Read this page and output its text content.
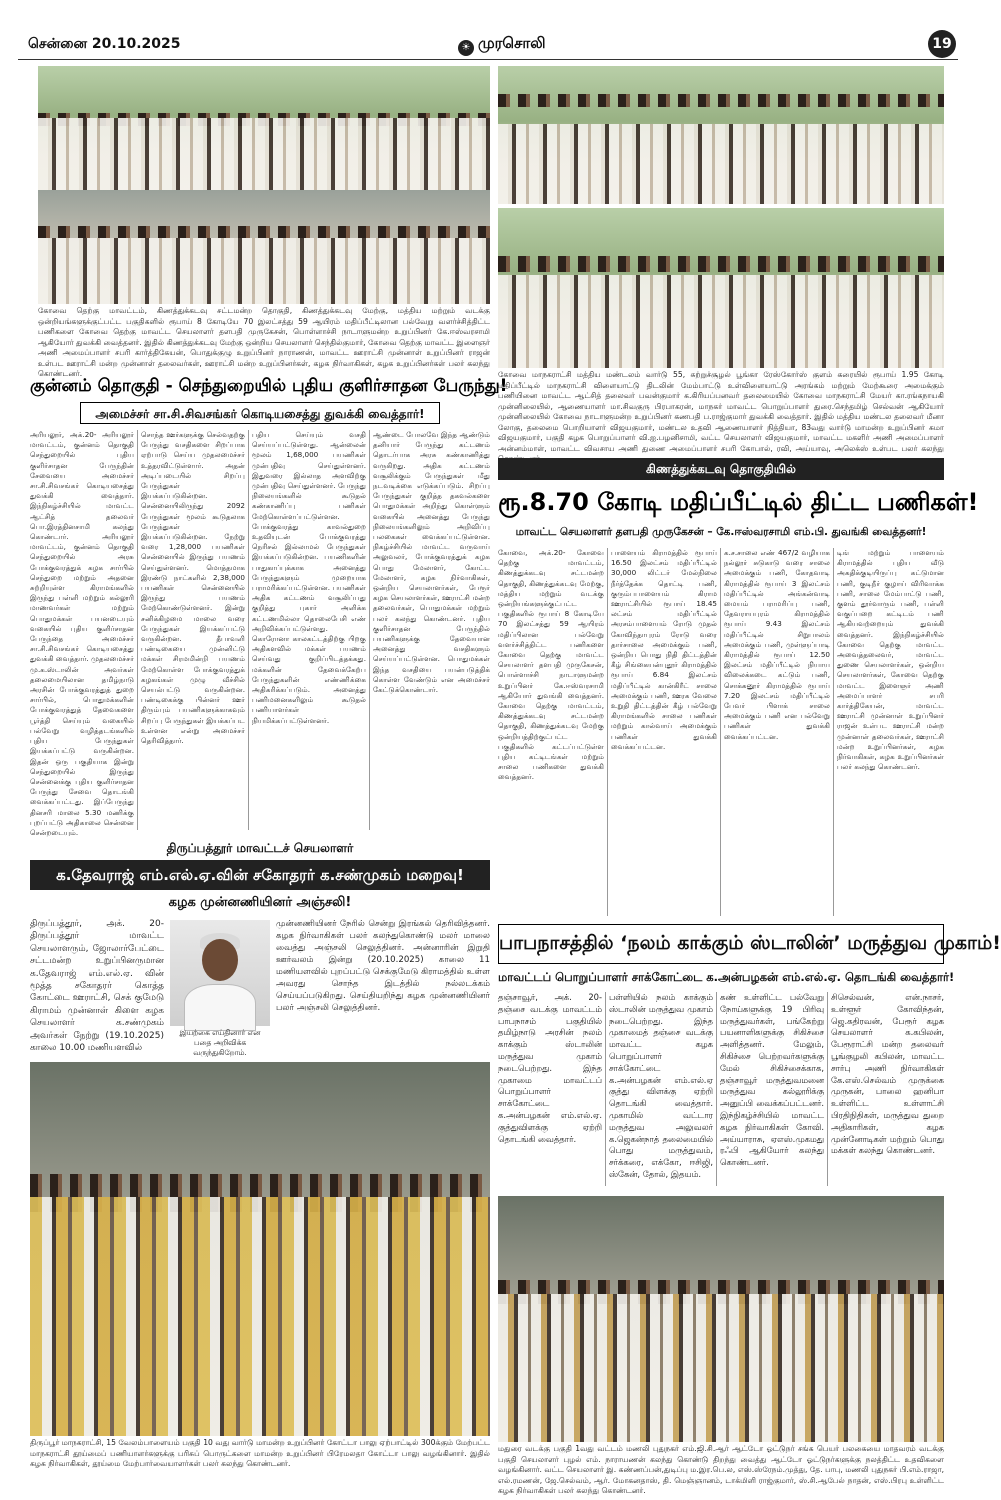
சென்னை 20.10.2025	☀ முரசொலி	19
கோவை தெற்கு மாவட்டம், கிணத்துக்கடவு சட்டமன்ற தொகுதி, கிணத்துக்கடவு மேற்கு, மத்திய மற்றும் வடக்கு ஒன்றியங்களுக்குட்பட்ட பகுதிகளில் ரூபாய் 8 கோடியே 70 இலட்சத்து 59 ஆயிரம் மதிப்பீட்டிலான பல்வேறு வளர்ச்சித்திட்ட பணிகளை கோவை தெற்கு மாவட்ட செயலாளர் தளபதி முருகேசன், பொள்ளாச்சி நாடாளுமன்ற உறுப்பினர் கே.ஈஸ்வரசாமி ஆகியோர் துவக்கி வைத்தனர். இதில் கிணத்துக்கடவு மேற்கு ஒன்றிய செயலாளர் செந்தில்குமார், கோவை தெற்கு மாவட்ட இளைஞர் அணி அமைப்பாளர் சபரி கார்த்திகேயன், பொதுக்குழு உறுப்பினர் நாராணன், மாவட்ட ஊராட்சி முன்னாள் உறுப்பினர் ராஜன் உள்பட ஊராட்சி மன்ற முன்னாள் தலைவர்கள், ஊராட்சி மன்ற உறுப்பினர்கள், கழக நிர்வாகிகள், கழக உறுப்பினர்கள் பலர் கலந்து கொண்டனர்.	கோவை மாநகராட்சி மத்திய மண்டலம் வார்டு 55, சுற்றுச்சூழல் பூங்கா ரேஸ்கோர்ஸ் குளம் கரையில் ரூபாய் 1.95 கோடி மதிப்பீட்டில் மாநகராட்சி விளையாட்டு திடலின் மேம்பாட்டு உள்விளையாட்டு அரங்கம் மற்றும் மேற்கூரை அமைக்கும் பணியினை மாவட்ட ஆட்சித் தலைவர் பவன்குமார் க.கிரியப்பனவர் தலைமையில் கோவை மாநகராட்சி மேயர் கா.ரங்கநாயகி முன்னிலையில், ஆணையாளர் மா.சிவகுரு பிரபாகரன், மாநகர் மாவட்ட பொறுப்பாளர் துரை.செந்தமிழ் செல்வன் ஆகியோர் முன்னிலையில் கோவை நாடாளுமன்ற உறுப்பினர் கணபதி ப.ராஜ்குமார் துவக்கி வைத்தார். இதில் மத்திய மண்டல தலைவர் மீனா லோகு, தலைமை பொறியாளர் விஜயகுமார், மண்டல உதவி ஆணையாளர் நித்தியா, 83வது வார்டு மாமன்ற உறுப்பினர் சுமா விஜயகுமார், பகுதி கழக பொறுப்பாளர் வி.ஐ.பழனிசாமி, வட்ட செயலாளர் விஜயகுமார், மாவட்ட மகளிர் அணி அமைப்பாளர் அன்னம்மாள், மாவட்ட விவசாய அணி துணை அமைப்பாளர் சபரி கோபால், ரவி, அய்யாவு, அலெக்ஸ் உள்பட பலர் கலந்து
குன்னம் தொகுதி - செந்துறையில் புதிய குளிர்சாதன பேருந்து!
அமைச்சர் சா.சி.சிவசங்கர் கொடியசைத்து துவக்கி வைத்தார்!
அரியலூர், அக்.20- அரியலூர் மாவட்டம், குன்னம் தொகுதி செந்துறையில் புதிய குளிர்சாதன பேருந்தின் சேவையை அமைச்சர் சா.சி.சிவசங்கர் கொடியசைத்து துவக்கி வைத்தார். இந்நிகழ்ச்சியில் மாவட்ட ஆட்சித் தலைவர் பொ.இரத்தினசாமி கலந்து கொண்டார். அரியலூர் மாவட்டம், குன்னம் தொகுதி செந்துறையில் அரசு போக்குவரத்துக் கழக சார்பில் செந்துறை மற்றும் அதனை சுற்றியுள்ள கிராமங்களில் இருந்து பள்ளி மற்றும் கல்லூரி மாணவர்கள் மற்றும் பொதுமக்கள் பயனடையும் வகையில் புதிய குளிர்சாதன பேருந்தை அமைச்சர் சா.சி.சிவசங்கர் கொடியசைத்து துவக்கி வைத்தார். முதலமைச்சர் மு.க.ஸ்டாலின் அவர்கள் தலைமையிலான தமிழ்நாடு அரசின் போக்குவரத்துத் துறை சார்பில், பொதுமக்களின் போக்குவரத்துத் தேவைகளை பூர்த்தி செய்யும் வகையில் பல்வேறு வழித்தடங்களில் புதிய பேருந்துகள் இயக்கப்பட்டு வருகின்றன. இதன் ஒரு பகுதியாக இன்று செந்துறையில் இருந்து சென்னைக்கு புதிய குளிர்சாதன பேருந்து சேவை தொடங்கி வைக்கப்பட்டது. இப்பேருந்து தினசரி மாலை 5.30 மணிக்கு புறப்பட்டு அதிகாலை சென்னை சென்றடையும்.
சொந்த ஊர்களுக்கு செல்வதற்கு பேருந்து வசதிகளை சிறப்பாக ஏற்பாடு செய்ய முதலமைச்சர் உத்தரவிட்டுள்ளார். அதன் அடிப்படையில் சிறப்பு பேருந்துகள் இயக்கப்படுகின்றன. சென்னையிலிருந்து 2092 பேருந்துகள் மூலம் கூடுதலாக பேருந்துகள் இயக்கப்படுகின்றன. நேற்று வரை 1,28,000 பயணிகள் சென்னையில் இருந்து பயணம் செய்துள்ளனர். மொத்தமாக இரண்டு நாட்களில் 2,38,000 பயணிகள் சென்னையில் இருந்து பயணம் மேற்கொண்டுள்ளனர். இன்று சனிக்கிழமை மாலை வரை பேருந்துகள் இயக்கப்பட்டு வருகின்றன. தீபாவளி பண்டிகையை முன்னிட்டு மக்கள் சிரமமின்றி பயணம் மேற்கொள்ள போக்குவரத்துக் கழகங்கள் முழு வீச்சில் செயல்பட்டு வருகின்றன. பண்டிகைக்கு பின்னர் ஊர் திரும்பும் பயணிகளுக்காகவும் சிறப்பு பேருந்துகள் இயக்கப்பட உள்ளன என்று அமைச்சர் தெரிவித்தார்.
பதிய செய்யும் வசதி செய்யப்பட்டுள்ளது. ஆன்லைன் மூலம் 1,68,000 பயணிகள் முன்பதிவு செய்துள்ளனர். இதுவரை இல்லாத அளவிற்கு முன்பதிவு செய்துள்ளனர். பேருந்து நிலையங்களில் கூடுதல் கண்காணிப்பு பணிகள் மேற்கொள்ளப்பட்டுள்ளன. போக்குவரத்து காவல்துறை உதவியுடன் போக்குவரத்து நெரிசல் இல்லாமல் பேருந்துகள் இயக்கப்படுகின்றன. பயணிகளின் பாதுகாப்புக்காக அனைத்து பேருந்துகளும் முறையாக பராமரிக்கப்பட்டுள்ளன. பயணிகள் அதிக கட்டணம் வசூலிப்பது குறித்து புகார் அளிக்க கட்டணமில்லா தொலைபேசி எண் அறிவிக்கப்பட்டுள்ளது. கொரோனா காலகட்டத்திற்கு பிறகு அதிகளவில் மக்கள் பயணம் செய்வது குறிப்பிடத்தக்கது. மக்களின் தேவைக்கேற்ப பேருந்துகளின் எண்ணிக்கை அதிகரிக்கப்படும். அனைத்து பணிமனைகளிலும் கூடுதல் பணியாளர்கள் நியமிக்கப்பட்டுள்ளனர்.
ஆண்டை போலவே இந்த ஆண்டும் தனியார் பேருந்து கட்டணம் தொடர்பாக அரசு கண்காணித்து வருகிறது. அதிக கட்டணம் வசூலிக்கும் பேருந்துகள் மீது நடவடிக்கை எடுக்கப்படும். சிறப்பு பேருந்துகள் குறித்த தகவல்களை பொதுமக்கள் அறிந்து கொள்ளும் வகையில் அனைத்து பேருந்து நிலையங்களிலும் அறிவிப்பு பலகைகள் வைக்கப்பட்டுள்ளன. நிகழ்ச்சியில் மாவட்ட வருவாய் அலுவலர், போக்குவரத்துக் கழக பொது மேலாளர், கோட்ட மேலாளர், கழக நிர்வாகிகள், ஒன்றிய செயலாளர்கள், பேரூர் கழக செயலாளர்கள், ஊராட்சி மன்ற தலைவர்கள், பொதுமக்கள் மற்றும் பலர் கலந்து கொண்டனர். புதிய குளிர்சாதன பேருந்தில் பயணிகளுக்கு தேவையான அனைத்து வசதிகளும் செய்யப்பட்டுள்ளன. பொதுமக்கள் இந்த வசதியை பயன்படுத்திக் கொள்ள வேண்டும் என அமைச்சர் கேட்டுக்கொண்டார்.
கிணத்துக்கடவு தொகுதியில்
ரூ.8.70 கோடி மதிப்பீட்டில் திட்ட பணிகள்!
மாவட்ட செயலாளர் தளபதி முருகேசன் – கே.ஈஸ்வரசாமி எம்.பி. துவங்கி வைத்தனர்!
கோவை, அக்.20- கோவை தெற்கு மாவட்டம், கிணத்துக்கடவு சட்டமன்ற தொகுதி, கிணத்துக்கடவு மேற்கு, மத்திய மற்றும் வடக்கு ஒன்றியங்களுக்குட்பட்ட பகுதிகளில் ரூபாய் 8 கோடியே 70 இலட்சத்து 59 ஆயிரம் மதிப்பிலான பல்வேறு வளர்ச்சித்திட்ட பணிகளை கோவை தெற்கு மாவட்ட செயலாளர் தளபதி முருகேசன், பொள்ளாச்சி நாடாளுமன்ற உறுப்பினர் கே.ஈஸ்வரசாமி ஆகியோர் துவங்கி வைத்தனர். கோவை தெற்கு மாவட்டம், கிணத்துக்கடவு சட்டமன்ற தொகுதி, கிணத்துக்கடவு மேற்கு ஒன்றியத்திற்குட்பட்ட பகுதிகளில் கட்டப்பட்டுள்ள புதிய கட்டிடங்கள் மற்றும் சாலை பணிகளை துவக்கி வைத்தனர்.
பாளையம் கிராமத்தில் ரூபாய் 16.50 இலட்சம் மதிப்பீட்டில் 30,000 லிட்டர் மேல்நிலை நீர்த்தேக்க தொட்டி பணி, குரும்பபாளையம் கிராம ஊராட்சியில் ரூபாய் 18.45 லட்சம் மதிப்பீட்டில் அரசம்பாளையம் ரோடு முதல் கோவிந்தாபுரம் ரோடு வரை தார்சாலை அமைக்கும் பணி, ஒன்றிய பொது நிதி திட்டத்தின் கீழ் சிங்கையன்புதூர் கிராமத்தில் ரூபாய் 6.84 இலட்சம் மதிப்பீட்டில் கான்கிரீட் சாலை அமைக்கும் பணி, ஊரக வேலை உறுதி திட்டத்தின் கீழ் பல்வேறு கிராமங்களில் சாலை பணிகள் மற்றும் கால்வாய் அமைக்கும் பணிகள் துவக்கி வைக்கப்பட்டன.
க.ச.சாலை எண் 467/2 வழியாக நல்லூர் சுடுகாடு வரை சாலை அமைக்கும் பணி, கோதவாடி கிராமத்தில் ரூபாய் 3 இலட்சம் மதிப்பீட்டில் அங்கன்வாடி மையம் பராமரிப்பு பணி, தேவராயபுரம் கிராமத்தில் ரூபாய் 9.43 இலட்சம் மதிப்பீட்டில் சிறுபாலம் அமைக்கும் பணி, முள்ளுப்பாடி கிராமத்தில் ரூபாய் 12.50 இலட்சம் மதிப்பீட்டில் நியாய விலைக்கடை கட்டும் பணி, சொக்கனூர் கிராமத்தில் ரூபாய் 7.20 இலட்சம் மதிப்பீட்டில் பேவர் பிளாக் சாலை அமைக்கும் பணி என பல்வேறு பணிகள் துவக்கி வைக்கப்பட்டன.
டிங் மற்றும் பாளையம் கிராமத்தில் புதிய வீடு அகதிக்குடியிருப்பு கட்டுமான பணி, குடிநீர் குழாய் விரிவாக்க பணி, சாலை மேம்பாட்டு பணி, குளம் தூர்வாரும் பணி, பள்ளி வகுப்பறை கட்டிடம் பணி ஆகியவற்றையும் துவக்கி வைத்தனர். இந்நிகழ்ச்சியில் கோவை தெற்கு மாவட்ட அவைத்தலைவர், மாவட்ட துணை செயலாளர்கள், ஒன்றிய செயலாளர்கள், கோவை தெற்கு மாவட்ட இளைஞர் அணி அமைப்பாளர் சபரி கார்த்திகேயன், மாவட்ட ஊராட்சி முன்னாள் உறுப்பினர் ராஜன் உள்பட ஊராட்சி மன்ற முன்னாள் தலைவர்கள், ஊராட்சி மன்ற உறுப்பினர்கள், கழக நிர்வாகிகள், கழக உறுப்பினர்கள் பலர் கலந்து கொண்டனர்.
திருப்பத்தூர் மாவட்டச் செயலாளர்
க.தேவராஜ் எம்.எல்.ஏ.வின் சகோதரர் க.சண்முகம் மறைவு!
கழக முன்னணியினர் அஞ்சலி!
திருப்பத்தூர், அக். 20- திருப்பத்தூர் மாவட்ட செயலாளரும், ஜோலார்பேட்டை சட்டமன்ற உறுப்பினருமான க.தேவராஜ் எம்.எல்.ஏ. வின் மூத்த சகோதரர் கொத்த கோட்டை ஊராட்சி, செக் குமேடு கிராமம் முன்னாள் கிளை கழக செயலாளர் க.சண்முகம் அவர்கள் நேற்று (19.10.2025) காலை 10.00 மணியளவில்
இயற்கை எய்தினார் என பதை அறிவிக்க வருந்துகிறோம்.
முன்னணியினர் நேரில் சென்று இரங்கல் தெரிவித்தனர். கழக நிர்வாகிகள் பலர் கலந்துகொண்டு மலர் மாலை வைத்து அஞ்சலி செலுத்தினர். அன்னாரின் இறுதி ஊர்வலம் இன்று (20.10.2025) காலை 11 மணியளவில் புறப்பட்டு செக்குமேடு கிராமத்தில் உள்ள அவரது சொந்த இடத்தில் நல்லடக்கம் செய்யப்படுகிறது. செய்தியறிந்து கழக முன்னணியினர் பலர் அஞ்சலி செலுத்தினர்.
பாபநாசத்தில் ‘நலம் காக்கும் ஸ்டாலின்’ மருத்துவ முகாம்!
மாவட்டப் பொறுப்பாளர் சாக்கோட்டை க.அன்பழகன் எம்.எல்.ஏ. தொடங்கி வைத்தார்!
தஞ்சாவூர், அக். 20- தஞ்சை வடக்கு மாவட்டம் பாபநாசம் பகுதியில் தமிழ்நாடு அரசின் நலம் காக்கும் ஸ்டாலின் மருத்துவ முகாம் நடைபெற்றது. இந்த முகாமை மாவட்டப் பொறுப்பாளர் சாக்கோட்டை க.அன்பழகன் எம்.எல்.ஏ. குத்துவிளக்கு ஏற்றி தொடங்கி வைத்தார்.
பள்ளியில் நலம் காக்கும் ஸ்டாலின் மருத்துவ முகாம் நடைபெற்றது. இந்த முகாமைத் தஞ்சை வடக்கு மாவட்ட கழக பொறுப்பாளர் சாக்கோட்டை க.அன்பழகன் எம்.எல்.ஏ குத்து விளக்கு ஏற்றி தொடங்கி வைத்தார். முகாமில் வட்டார மருத்துவ அலுவலர் க.ஜெகன்நாத் தலைமையில் பொது மருத்துவம், சர்க்கரை, எக்கோ, ஈசிஜி, ஸ்கேன், தோல், இதயம்.
கண் உள்ளிட்ட பல்வேறு நோய்களுக்கு 19 பிரிவு மருத்துவர்கள், பங்கேற்று பயனாளிகளுக்கு சிகிச்சை அளித்தனர். மேலும், சிகிச்சை பெற்றவர்களுக்கு மேல் சிகிச்சைக்காக, தஞ்சாவூர் மருத்துவமனை மருத்துவ கல்லூரிக்கு அனுப்பி வைக்கப்பட்டனர். இந்நிகழ்ச்சியில் மாவட்ட கழக நிர்வாகிகள் கோவி. அய்யாராசு, ஏஎஸ்.முகமது ரஃபி ஆகியோர் கலந்து கொண்டனர்.
சிசெல்வன், என்.நாசர், உள்ளூர் கோவிந்தன், ஜெ.கதிரவன், பேரூர் கழக செயலாளர் க.கபிலன், பேரூராட்சி மன்ற தலைவர் பூங்குழலி கபிலன், மாவட்ட சார்பு அணி நிர்வாகிகள் கே.எஸ்.செல்வம் முருக்கை முருகன், பாலை ஹனிபா உள்ளிட்ட உள்ளாட்சி பிரதிநிதிகள், மருத்துவ துறை அதிகாரிகள், கழக முன்னோடிகள் மற்றும் பொது மக்கள் கலந்து கொண்டனர்.
திருப்பூர் மாநகராட்சி, 15 வேலம்பாளையம் பகுதி 10 வது வார்டு மாமன்ற உறுப்பினர் கோட்டா பாலு ஏற்பாட்டில் 300க்கும் மேற்பட்ட மாநகராட்சி தூய்மைப் பணியாளர்களுக்கு பரிசுப் பொருட்களை மாமன்ற உறுப்பினர் பிரேமலதா கோட்டா பாலு வழங்கினார். இதில் கழக நிர்வாகிகள், தூய்மை மேற்பார்வையாளர்கள் பலர் கலந்து கொண்டனர்.
மதுரை வடக்கு பகுதி 1வது வட்டம் மணலி புதுநகர் எம்.ஜி.சி.ஆர் ஆட்டோ ஓட்டுநர் சங்க பெயர் பலகையை மாதவரம் வடக்கு பகுதி செயலாளர் புழல் எம். நாராயணன் கலந்து கொண்டு திறந்து வைத்து ஆட்டோ ஓட்டுநர்களுக்கு நலத்திட்ட உதவிகளை வழங்கினார். வட்ட செயலாளர் இ. கண்ணப்பன்,துடிப்பு ம.இர.பெ.ல, எஸ்.ஸ்ரேநம்.முத்து, தே. பாபு, மணலி புதுநகர் பி.எம்.ராஜா, எல்.ரமணன், ஜே.செல்வம், ஆர். மோகனதாஸ், தி. மெஞ்ஞானம், டாக்மிளி ராஜ்குமார், ஸ்.சி.ஆபேல் நாதன், எஸ்.பிரபு உள்ளிட்ட கழக நிர்வாகிகள் பலர் கலந்து கொண்டனர்.
